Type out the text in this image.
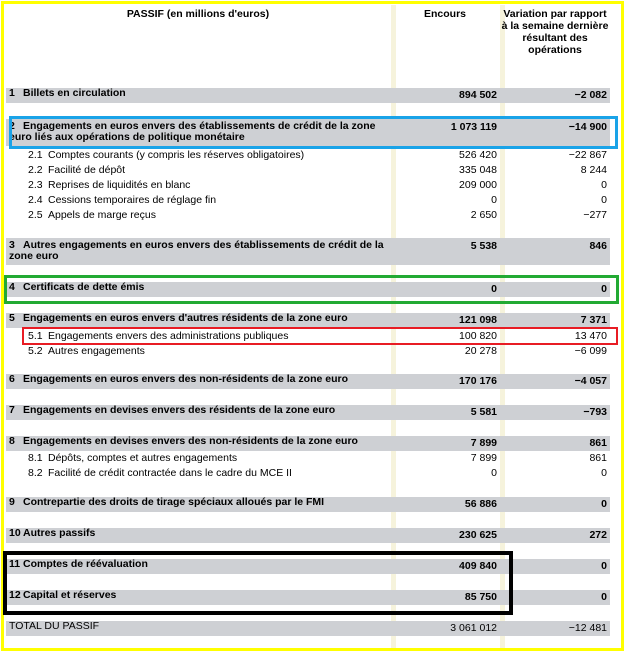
PASSIF (en millions d'euros)	Encours	Variation par rapport à la semaine dernière résultant des opérations
1 Billets en circulation	894 502	−2 082
2 Engagements en euros envers des établissements de crédit de la zone euro liés aux opérations de politique monétaire
1 073 119	−14 900
2.1 Comptes courants (y compris les réserves obligatoires)	526 420	−22 867
2.2 Facilité de dépôt	335 048	8 244
2.3 Reprises de liquidités en blanc	209 000	0
2.4 Cessions temporaires de réglage fin	0	0
2.5 Appels de marge reçus	2 650	−277
3 Autres engagements en euros envers des établissements de crédit de la zone euro
5 538	846
4 Certificats de dette émis	0	0
5 Engagements en euros envers d'autres résidents de la zone euro	121 098	7 371
5.1 Engagements envers des administrations publiques	100 820	13 470
5.2 Autres engagements	20 278	−6 099
6 Engagements en euros envers des non-résidents de la zone euro	170 176	−4 057
7 Engagements en devises envers des résidents de la zone euro	5 581	−793
8 Engagements en devises envers des non-résidents de la zone euro	7 899	861
8.1 Dépôts, comptes et autres engagements	7 899	861
8.2 Facilité de crédit contractée dans le cadre du MCE II	0	0
9 Contrepartie des droits de tirage spéciaux alloués par le FMI	56 886	0
10 Autres passifs	230 625	272
11 Comptes de réévaluation	409 840	0
12 Capital et réserves	85 750	0
TOTAL DU PASSIF	3 061 012	−12 481
